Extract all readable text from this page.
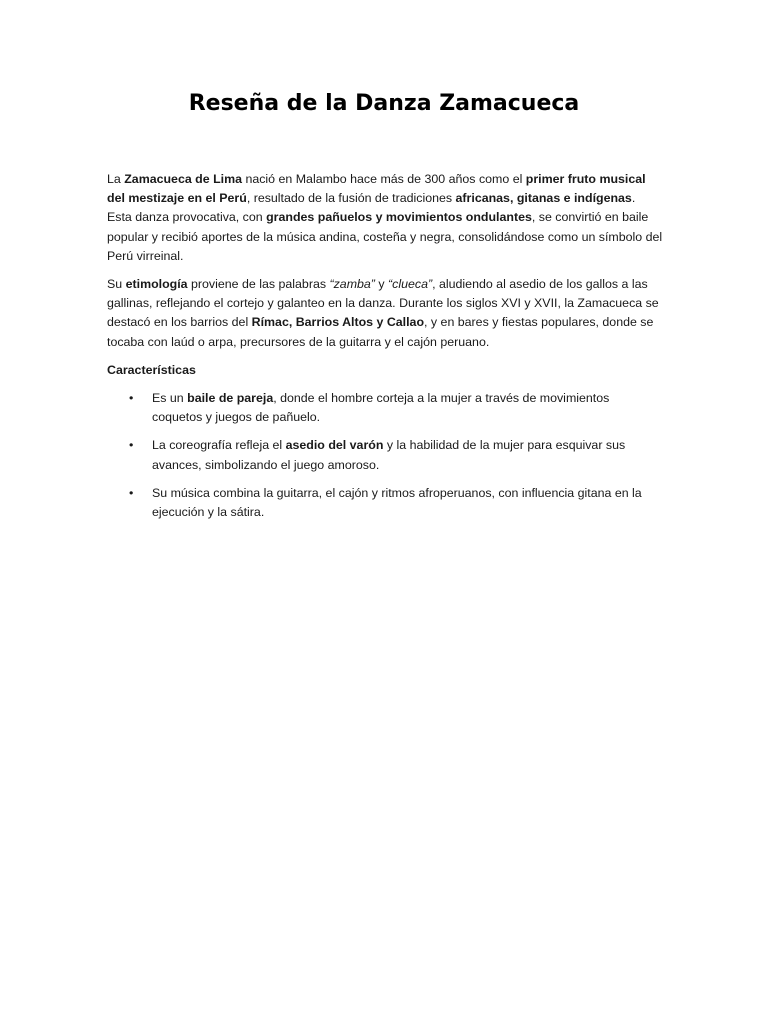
Reseña de la Danza Zamacueca

La Zamacueca de Lima nació en Malambo hace más de 300 años como el primer fruto musical del mestizaje en el Perú, resultado de la fusión de tradiciones africanas, gitanas e indígenas. Esta danza provocativa, con grandes pañuelos y movimientos ondulantes, se convirtió en baile popular y recibió aportes de la música andina, costeña y negra, consolidándose como un símbolo del Perú virreinal.

Su etimología proviene de las palabras “zamba” y “clueca”, aludiendo al asedio de los gallos a las gallinas, reflejando el cortejo y galanteo en la danza. Durante los siglos XVI y XVII, la Zamacueca se destacó en los barrios del Rímac, Barrios Altos y Callao, y en bares y fiestas populares, donde se tocaba con laúd o arpa, precursores de la guitarra y el cajón peruano.

Características

• Es un baile de pareja, donde el hombre corteja a la mujer a través de movimientos coquetos y juegos de pañuelo.
• La coreografía refleja el asedio del varón y la habilidad de la mujer para esquivar sus avances, simbolizando el juego amoroso.
• Su música combina la guitarra, el cajón y ritmos afroperuanos, con influencia gitana en la ejecución y la sátira.
